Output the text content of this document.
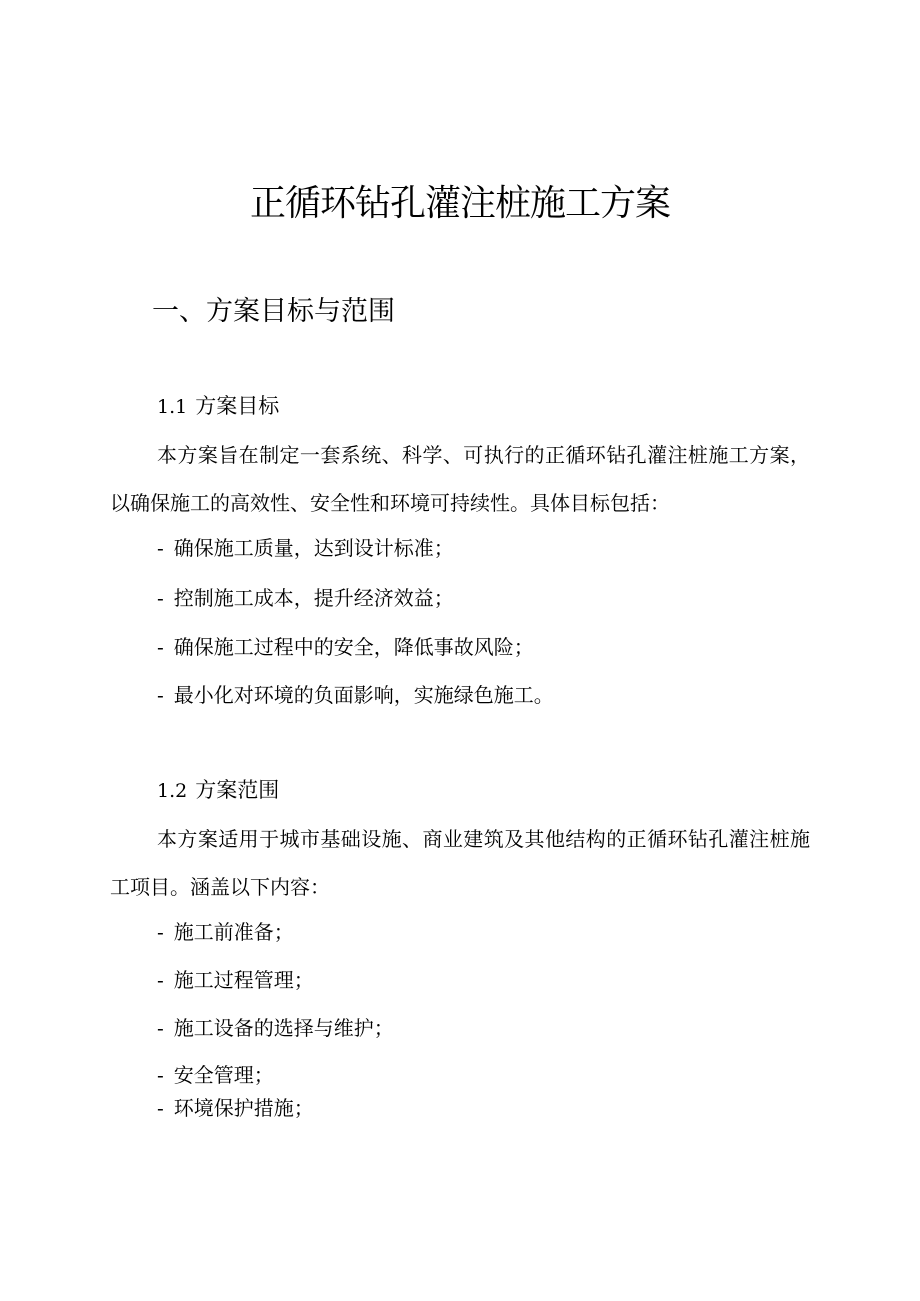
正循环钻孔灌注桩施工方案
一、方案目标与范围
1.1 方案目标

本方案旨在制定一套系统、科学、可执行的正循环钻孔灌注桩施工方案，以确保施工的高效性、安全性和环境可持续性。具体目标包括：

- 确保施工质量，达到设计标准；
- 控制施工成本，提升经济效益；
- 确保施工过程中的安全，降低事故风险；
- 最小化对环境的负面影响，实施绿色施工。
1.2 方案范围

本方案适用于城市基础设施、商业建筑及其他结构的正循环钻孔灌注桩施工项目。涵盖以下内容：

- 施工前准备；
- 施工过程管理；
- 施工设备的选择与维护；
- 安全管理；
- 环境保护措施；
